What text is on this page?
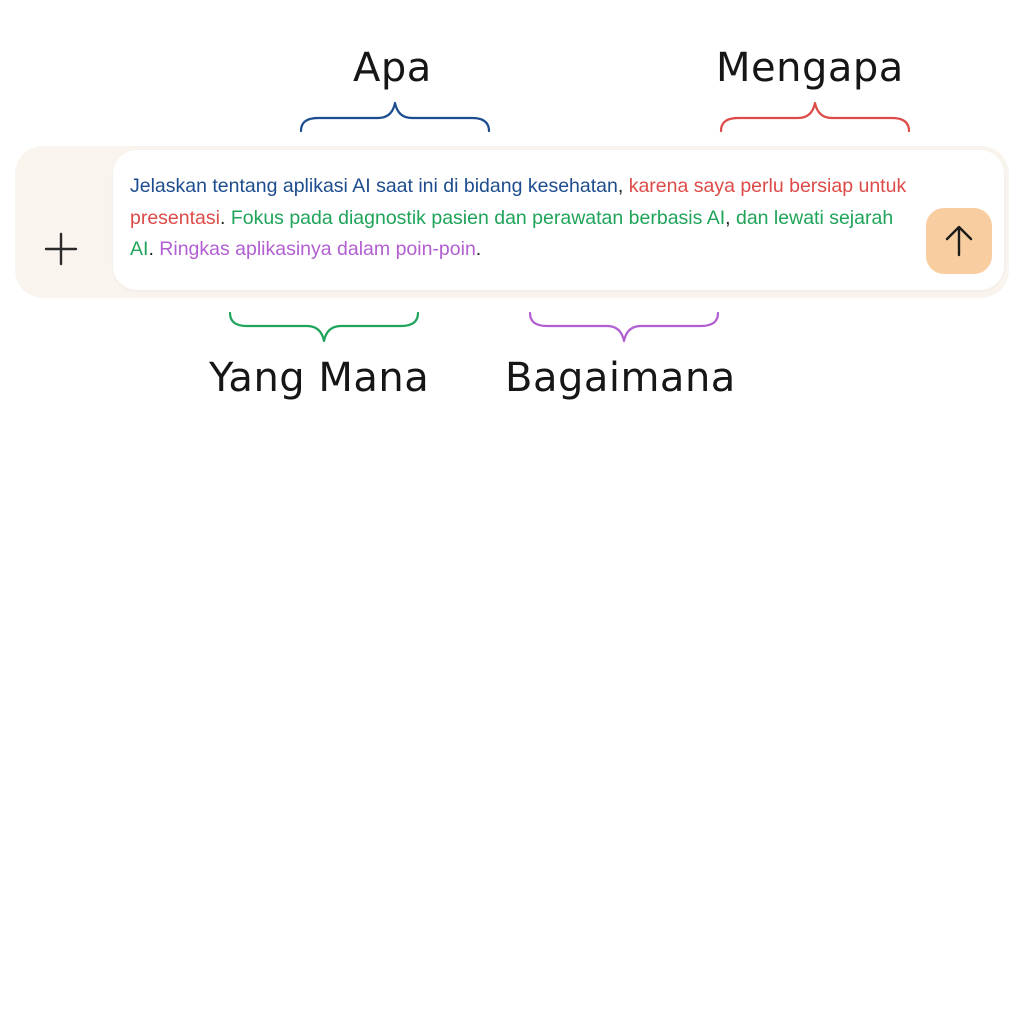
Apa	Mengapa

Jelaskan tentang aplikasi AI saat ini di bidang kesehatan, karena saya perlu bersiap untuk presentasi. Fokus pada diagnostik pasien dan perawatan berbasis AI, dan lewati sejarah AI. Ringkas aplikasinya dalam poin-poin.

Yang Mana Bagaimana
